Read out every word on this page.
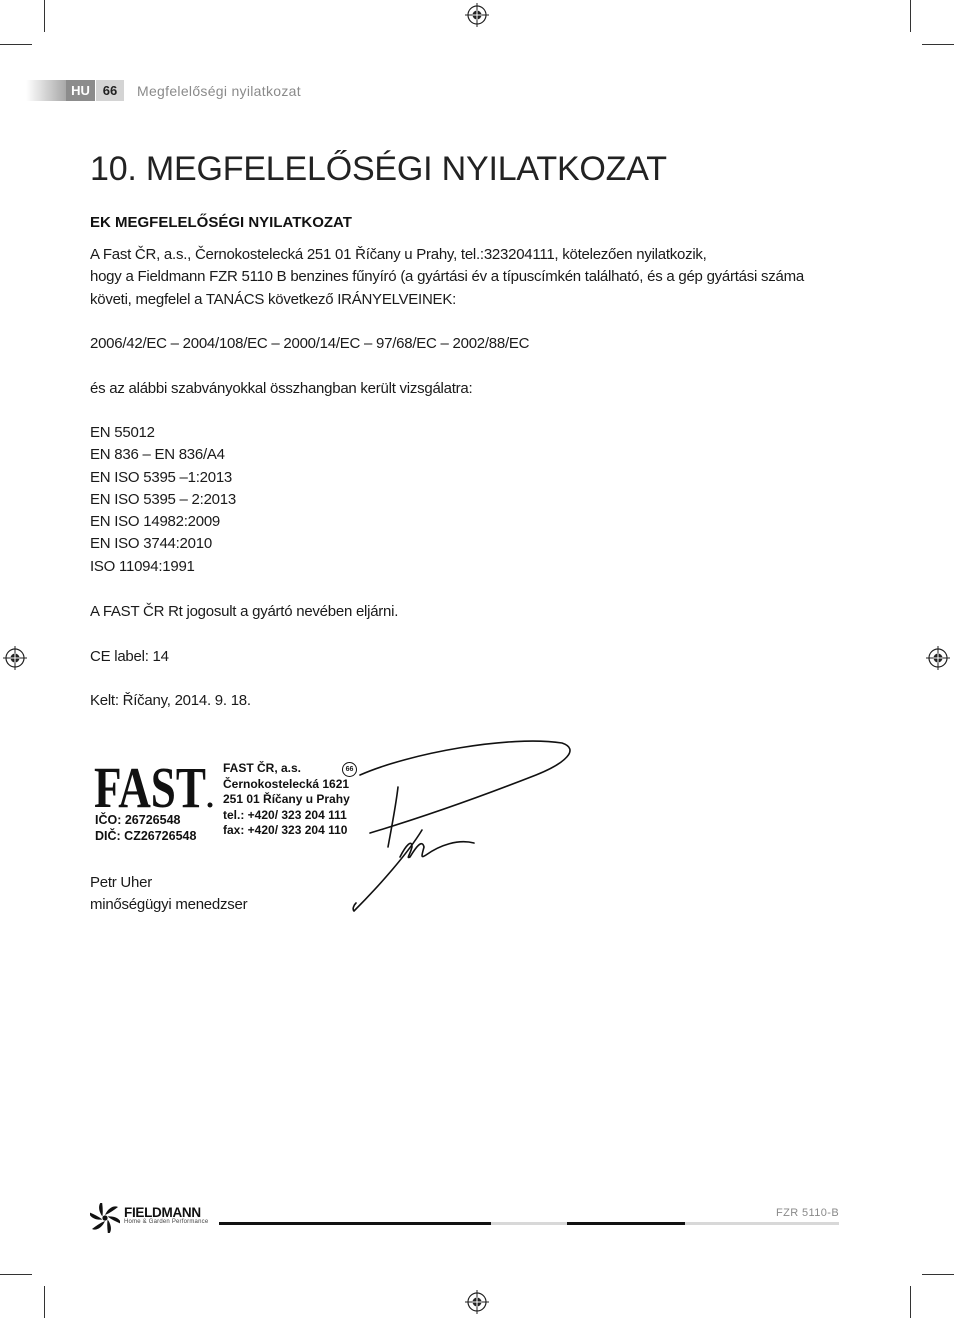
HU 66	Megfelelőségi nyilatkozat
10. MEGFELELŐSÉGI NYILATKOZAT
EK MEGFELELŐSÉGI NYILATKOZAT

A Fast ČR, a.s., Černokostelecká 251 01 Říčany u Prahy, tel.:323204111, kötelezően nyilatkozik,
hogy a Fieldmann FZR 5110 B benzines fűnyíró (a gyártási év a típuscímkén található, és a gép gyártási száma
követi, megfelel a TANÁCS következő IRÁNYELVEINEK:

2006/42/EC – 2004/108/EC – 2000/14/EC – 97/68/EC – 2002/88/EC

és az alábbi szabványokkal összhangban került vizsgálatra:

EN 55012
EN 836 – EN 836/A4
EN ISO 5395 –1:2013
EN ISO 5395 – 2:2013
EN ISO 14982:2009
EN ISO 3744:2010
ISO 11094:1991

A FAST ČR Rt jogosult a gyártó nevében eljárni.

CE label: 14

Kelt: Říčany, 2014. 9. 18.

FAST
IČO: 26726548
DIČ: CZ26726548
FAST ČR, a.s.
Černokostelecká 1621
251 01 Říčany u Prahy
tel.: +420/ 323 204 111
fax: +420/ 323 204 110
66

Petr Uher
minőségügyi menedzser

FIELDMANN
Home & Garden Performance
FZR 5110-B
